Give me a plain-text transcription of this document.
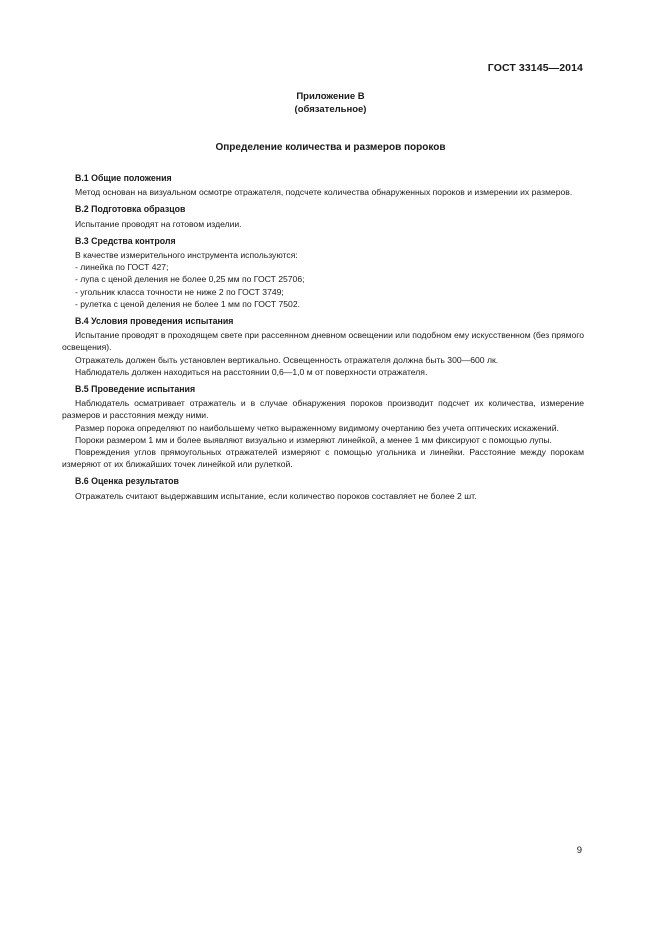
ГОСТ 33145—2014
Приложение В
(обязательное)
Определение количества и размеров пороков
В.1 Общие положения

Метод основан на визуальном осмотре отражателя, подсчете количества обнаруженных пороков и измерении их размеров.

В.2 Подготовка образцов

Испытание проводят на готовом изделии.

В.3 Средства контроля

В качестве измерительного инструмента используются:

- линейка по ГОСТ 427;

- лупа с ценой деления не более 0,25 мм по ГОСТ 25706;

- угольник класса точности не ниже 2 по ГОСТ 3749;

- рулетка с ценой деления не более 1 мм по ГОСТ 7502.

В.4 Условия проведения испытания

Испытание проводят в проходящем свете при рассеянном дневном освещении или подобном ему искусственном (без прямого освещения).

Отражатель должен быть установлен вертикально. Освещенность отражателя должна быть 300—600 лк.

Наблюдатель должен находиться на расстоянии 0,6—1,0 м от поверхности отражателя.

В.5 Проведение испытания

Наблюдатель осматривает отражатель и в случае обнаружения пороков производит подсчет их количества, измерение размеров и расстояния между ними.

Размер порока определяют по наибольшему четко выраженному видимому очертанию без учета оптических искажений.

Пороки размером 1 мм и более выявляют визуально и измеряют линейкой, а менее 1 мм фиксируют с помощью лупы.

Повреждения углов прямоугольных отражателей измеряют с помощью угольника и линейки. Расстояние между порокам измеряют от их ближайших точек линейкой или рулеткой.

В.6 Оценка результатов

Отражатель считают выдержавшим испытание, если количество пороков составляет не более 2 шт.

9
